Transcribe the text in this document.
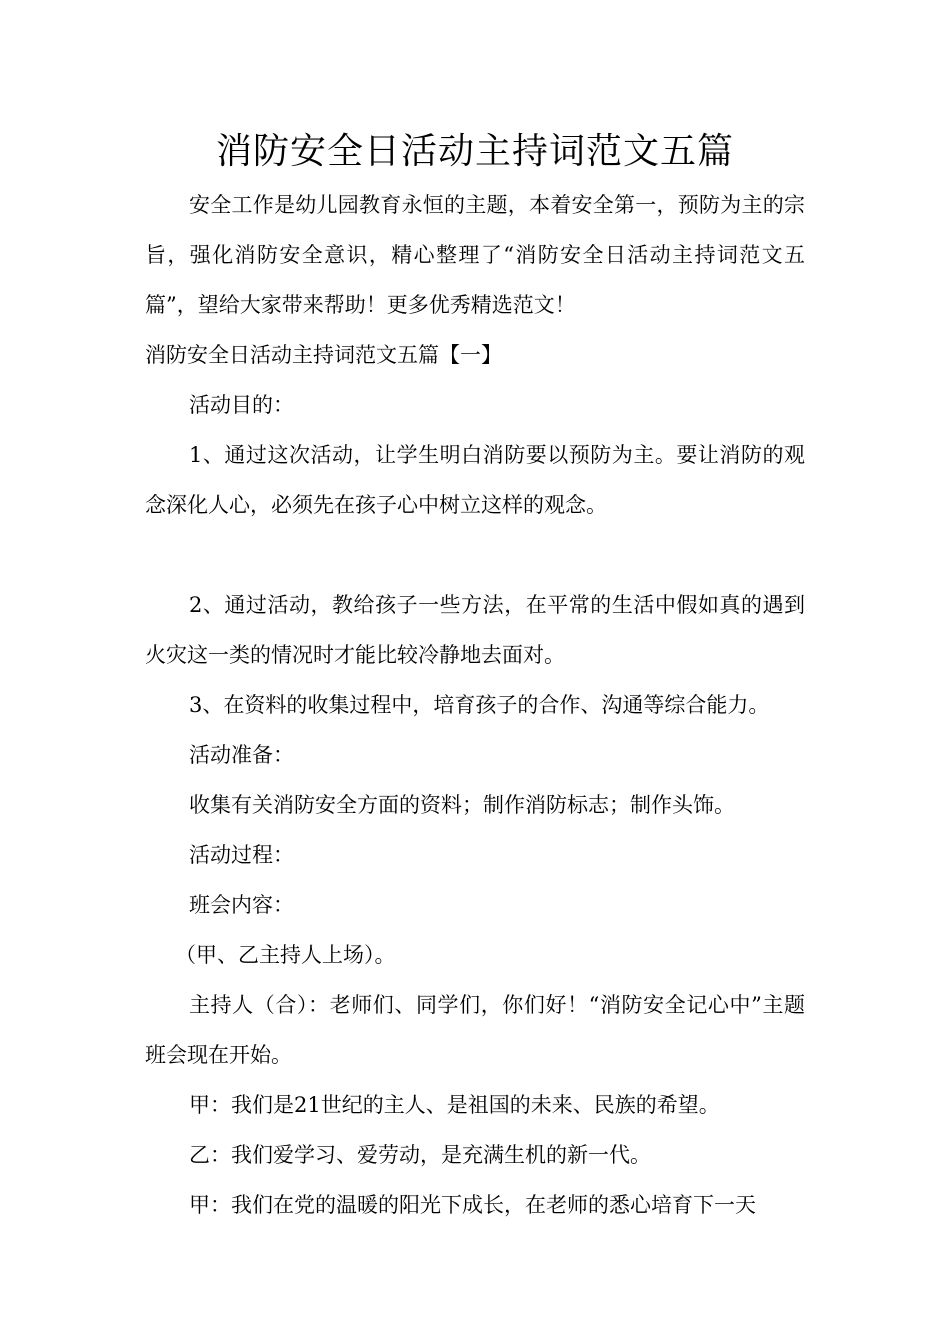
消防安全日活动主持词范文五篇

安全工作是幼儿园教育永恒的主题，本着安全第一，预防为主的宗旨，强化消防安全意识，精心整理了“消防安全日活动主持词范文五篇”，望给大家带来帮助！更多优秀精选范文！

消防安全日活动主持词范文五篇【一】

活动目的：

1、通过这次活动，让学生明白消防要以预防为主。要让消防的观念深化人心，必须先在孩子心中树立这样的观念。

2、通过活动，教给孩子一些方法，在平常的生活中假如真的遇到火灾这一类的情况时才能比较冷静地去面对。

3、在资料的收集过程中，培育孩子的合作、沟通等综合能力。

活动准备：

收集有关消防安全方面的资料；制作消防标志；制作头饰。

活动过程：

班会内容：

（甲、乙主持人上场）。

主持人（合）：老师们、同学们，你们好！“消防安全记心中”主题班会现在开始。

甲：我们是21世纪的主人、是祖国的未来、民族的希望。

乙：我们爱学习、爱劳动，是充满生机的新一代。

甲：我们在党的温暖的阳光下成长，在老师的悉心培育下一天
